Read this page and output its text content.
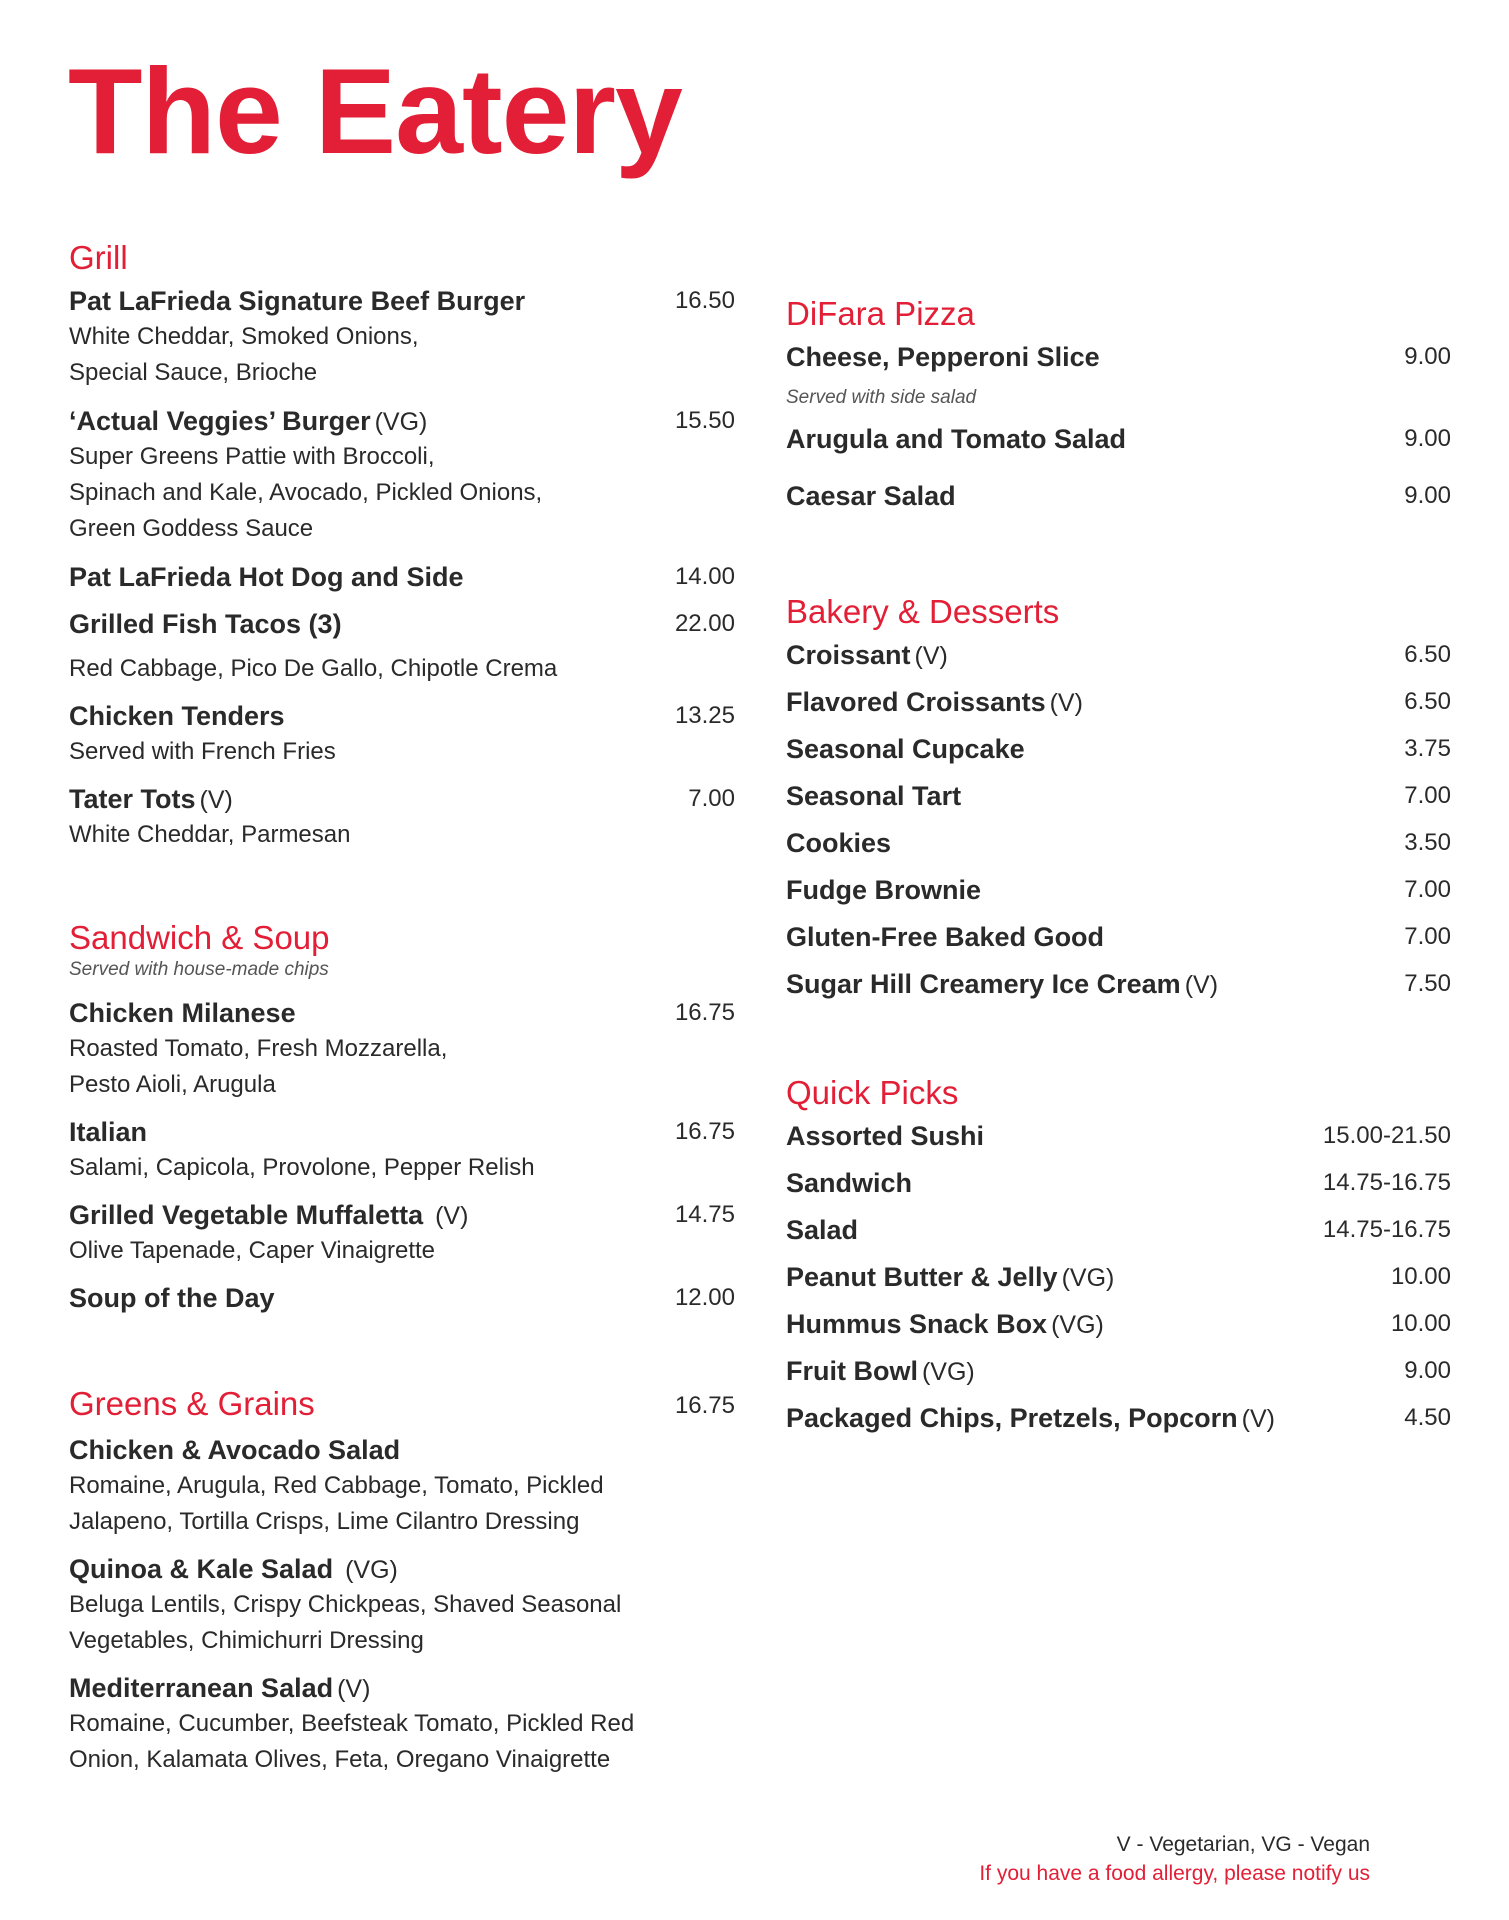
The Eatery
Grill
Pat LaFrieda Signature Beef Burger	16.50
White Cheddar, Smoked Onions,
Special Sauce, Brioche
‘Actual Veggies’ Burger (VG)	15.50
Super Greens Pattie with Broccoli,
Spinach and Kale, Avocado, Pickled Onions,
Green Goddess Sauce
Pat LaFrieda Hot Dog and Side	14.00
Grilled Fish Tacos (3)	22.00
Red Cabbage, Pico De Gallo, Chipotle Crema
Chicken Tenders	13.25
Served with French Fries
Tater Tots (V)	7.00
White Cheddar, Parmesan
Sandwich & Soup
Served with house-made chips
Chicken Milanese	16.75
Roasted Tomato, Fresh Mozzarella,
Pesto Aioli, Arugula
Italian	16.75
Salami, Capicola, Provolone, Pepper Relish
Grilled Vegetable Muffaletta (V)	14.75
Olive Tapenade, Caper Vinaigrette
Soup of the Day	12.00
Greens & Grains	16.75
Chicken & Avocado Salad
Romaine, Arugula, Red Cabbage, Tomato, Pickled
Jalapeno, Tortilla Crisps, Lime Cilantro Dressing
Quinoa & Kale Salad (VG)
Beluga Lentils, Crispy Chickpeas, Shaved Seasonal
Vegetables, Chimichurri Dressing
Mediterranean Salad (V)
Romaine, Cucumber, Beefsteak Tomato, Pickled Red
Onion, Kalamata Olives, Feta, Oregano Vinaigrette
DiFara Pizza
Cheese, Pepperoni Slice	9.00
Served with side salad
Arugula and Tomato Salad	9.00
Caesar Salad	9.00
Bakery & Desserts
Croissant (V)	6.50
Flavored Croissants (V)	6.50
Seasonal Cupcake	3.75
Seasonal Tart	7.00
Cookies	3.50
Fudge Brownie	7.00
Gluten-Free Baked Good	7.00
Sugar Hill Creamery Ice Cream (V)	7.50
Quick Picks
Assorted Sushi	15.00-21.50
Sandwich	14.75-16.75
Salad	14.75-16.75
Peanut Butter & Jelly (VG)	10.00
Hummus Snack Box (VG)	10.00
Fruit Bowl (VG)	9.00
Packaged Chips, Pretzels, Popcorn (V)	4.50
V - Vegetarian, VG - Vegan
If you have a food allergy, please notify us
